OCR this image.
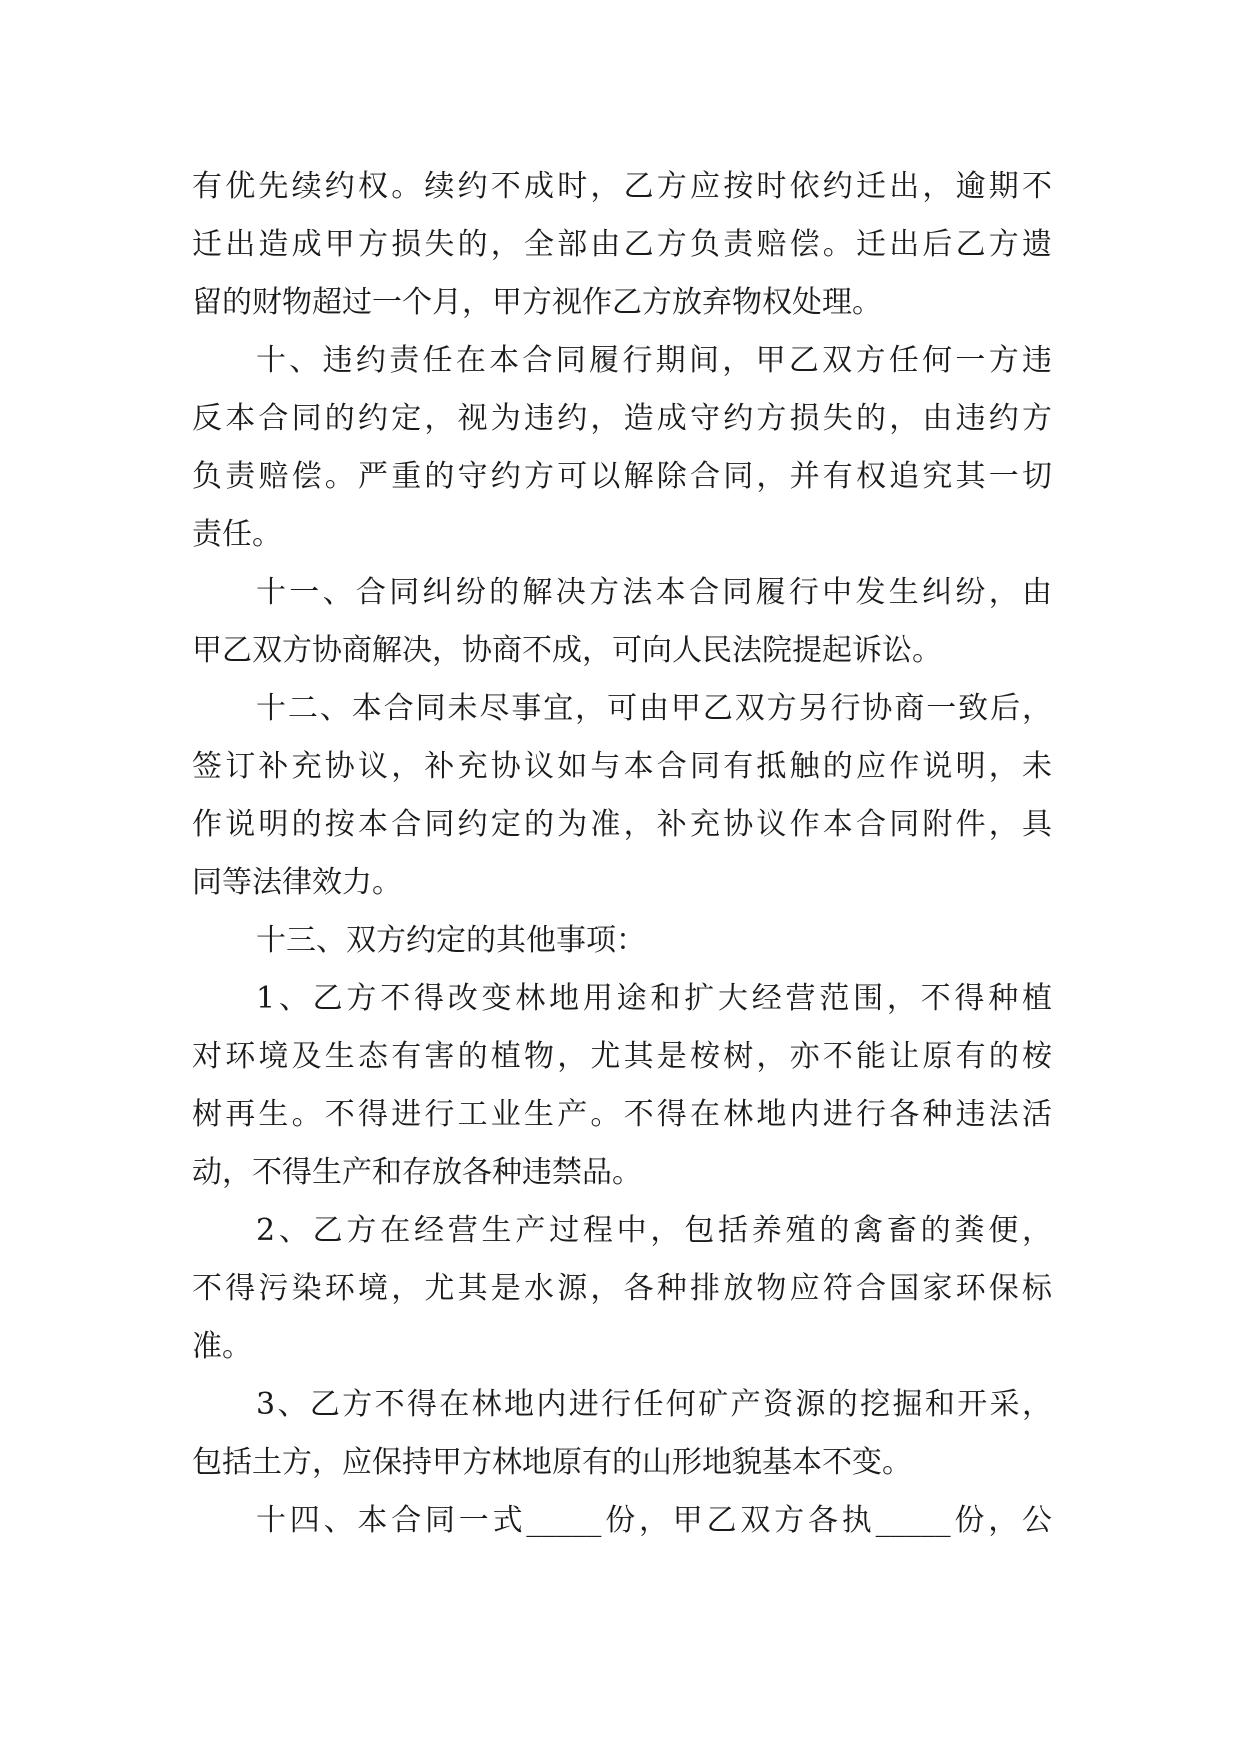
有优先续约权。续约不成时，乙方应按时依约迁出，逾期不
迁出造成甲方损失的，全部由乙方负责赔偿。迁出后乙方遗
留的财物超过一个月，甲方视作乙方放弃物权处理。
十、违约责任在本合同履行期间，甲乙双方任何一方违
反本合同的约定，视为违约，造成守约方损失的，由违约方
负责赔偿。严重的守约方可以解除合同，并有权追究其一切
责任。
十一、合同纠纷的解决方法本合同履行中发生纠纷，由
甲乙双方协商解决，协商不成，可向人民法院提起诉讼。
十二、本合同未尽事宜，可由甲乙双方另行协商一致后，
签订补充协议，补充协议如与本合同有抵触的应作说明，未
作说明的按本合同约定的为准，补充协议作本合同附件，具
同等法律效力。
十三、双方约定的其他事项：
1、乙方不得改变林地用途和扩大经营范围，不得种植
对环境及生态有害的植物，尤其是桉树，亦不能让原有的桉
树再生。不得进行工业生产。不得在林地内进行各种违法活
动，不得生产和存放各种违禁品。
2、乙方在经营生产过程中，包括养殖的禽畜的粪便，
不得污染环境，尤其是水源，各种排放物应符合国家环保标
准。
3、乙方不得在林地内进行任何矿产资源的挖掘和开采，
包括土方，应保持甲方林地原有的山形地貌基本不变。
十四、本合同一式_____份，甲乙双方各执_____份，公
